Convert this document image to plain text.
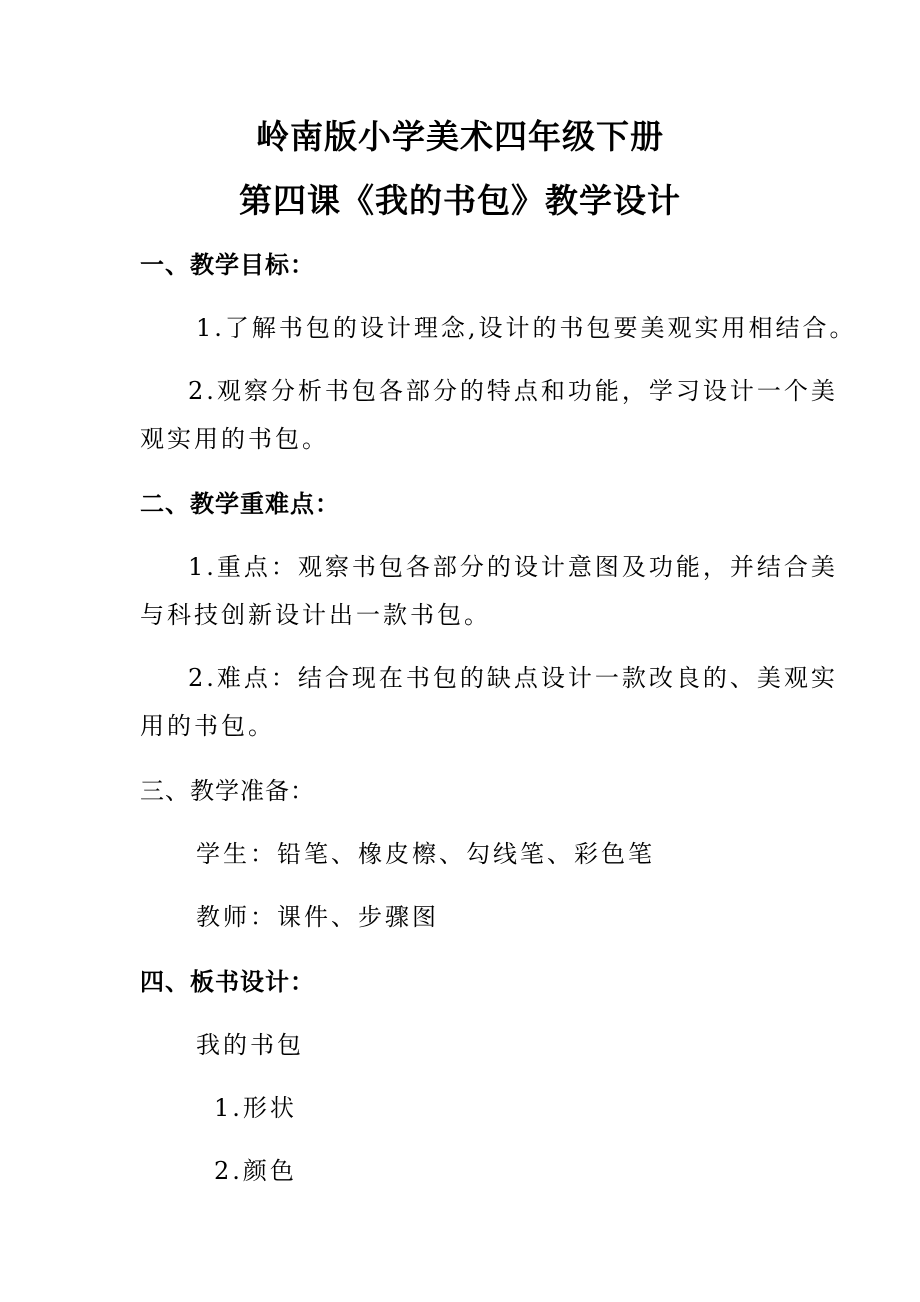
岭南版小学美术四年级下册
第四课《我的书包》教学设计
一、教学目标：
1.了解书包的设计理念,设计的书包要美观实用相结合。
2.观察分析书包各部分的特点和功能，学习设计一个美
观实用的书包。
二、教学重难点：
1.重点：观察书包各部分的设计意图及功能，并结合美
与科技创新设计出一款书包。
2.难点：结合现在书包的缺点设计一款改良的、美观实
用的书包。
三、教学准备：
学生：铅笔、橡皮檫、勾线笔、彩色笔
教师：课件、步骤图
四、板书设计：
我的书包
1.形状
2.颜色
